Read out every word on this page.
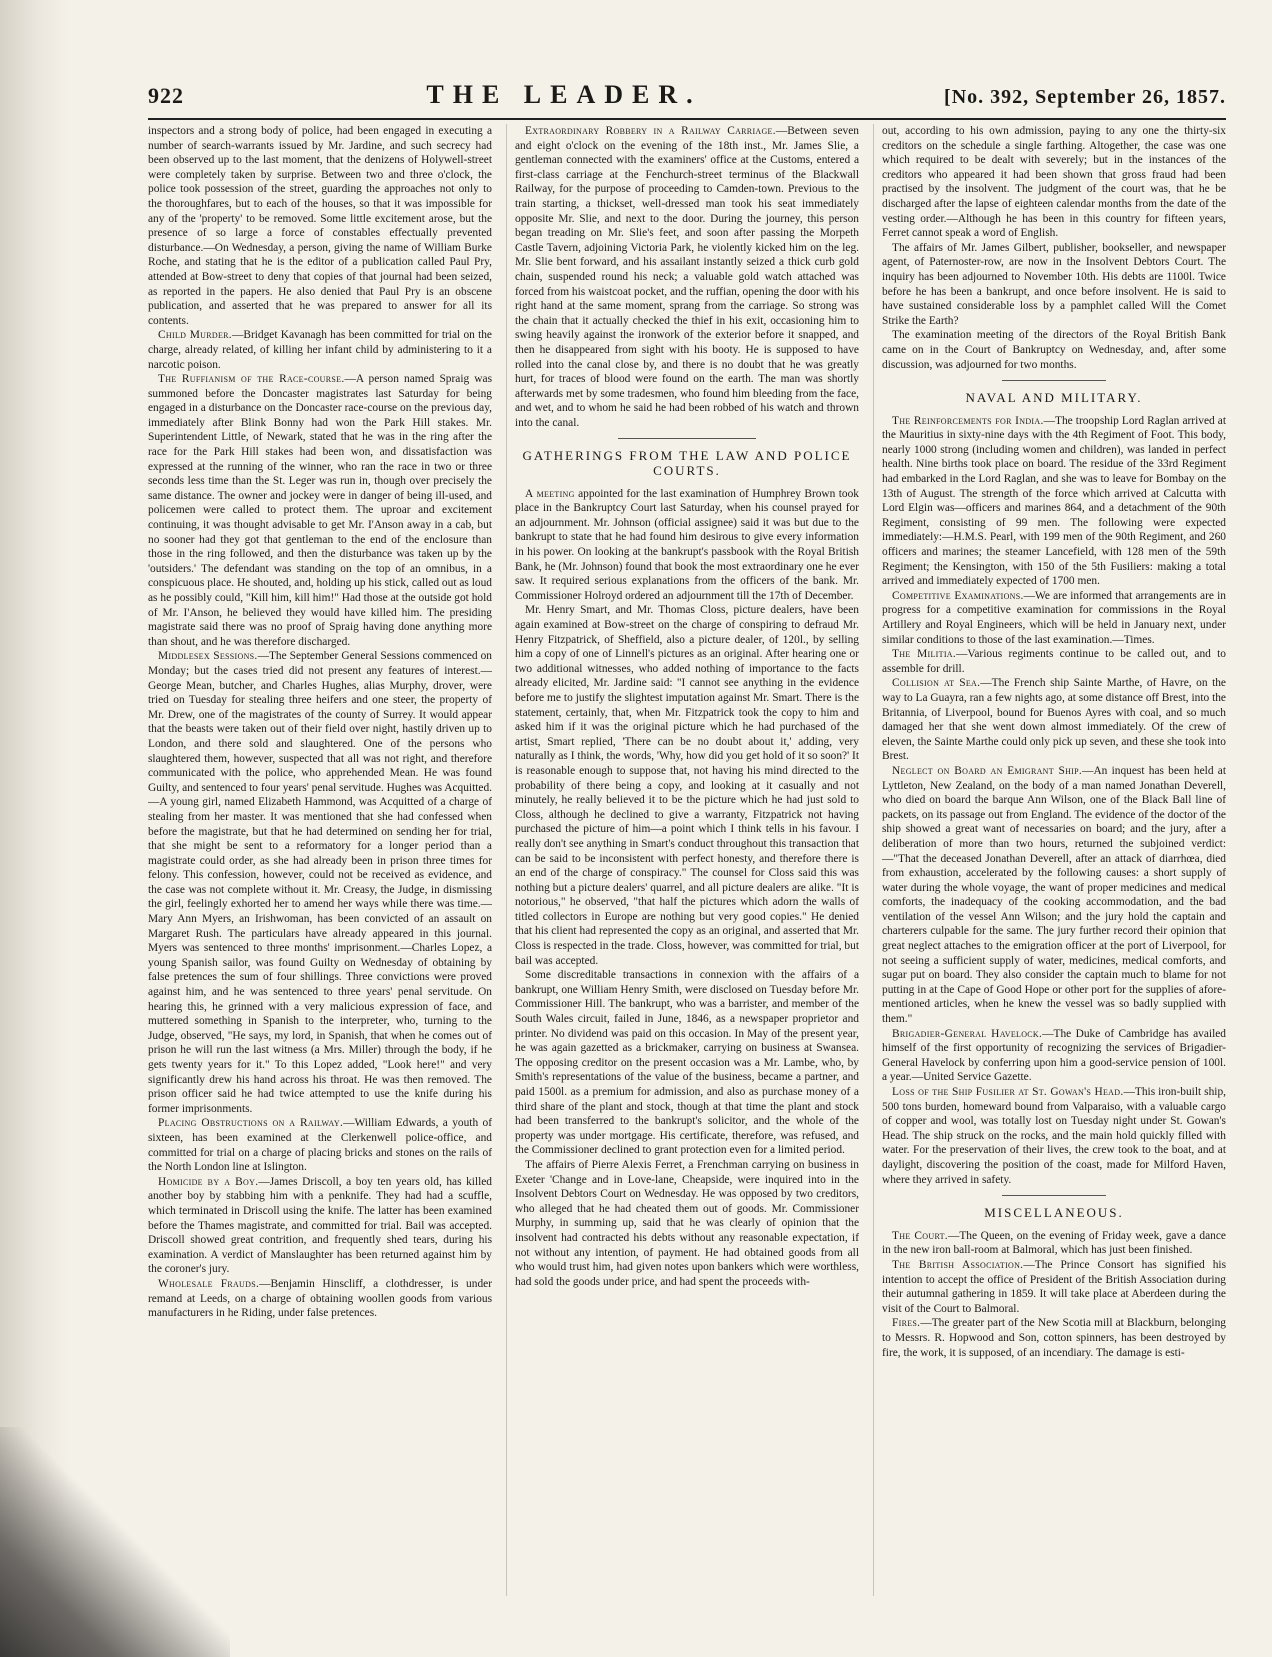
922	THE LEADER.	[No. 392, September 26, 1857.

inspectors and a strong body of police, had been engaged in executing a number of search-warrants issued by Mr. Jardine, and such secrecy had been observed up to the last moment, that the denizens of Holywell-street were completely taken by surprise. Between two and three o'clock, the police took possession of the street, guarding the approaches not only to the thoroughfares, but to each of the houses, so that it was impossible for any of the 'property' to be removed. Some little excitement arose, but the presence of so large a force of constables effectually prevented disturbance.—On Wednesday, a person, giving the name of William Burke Roche, and stating that he is the editor of a publication called Paul Pry, attended at Bow-street to deny that copies of that journal had been seized, as reported in the papers. He also denied that Paul Pry is an obscene publication, and asserted that he was prepared to answer for all its contents.

Child Murder.—Bridget Kavanagh has been committed for trial on the charge, already related, of killing her infant child by administering to it a narcotic poison.

The Ruffianism of the Race-course.—A person named Spraig was summoned before the Doncaster magistrates last Saturday for being engaged in a disturbance on the Doncaster race-course on the previous day, immediately after Blink Bonny had won the Park Hill stakes. Mr. Superintendent Little, of Newark, stated that he was in the ring after the race for the Park Hill stakes had been won, and dissatisfaction was expressed at the running of the winner, who ran the race in two or three seconds less time than the St. Leger was run in, though over precisely the same distance. The owner and jockey were in danger of being ill-used, and policemen were called to protect them. The uproar and excitement continuing, it was thought advisable to get Mr. I'Anson away in a cab, but no sooner had they got that gentleman to the end of the enclosure than those in the ring followed, and then the disturbance was taken up by the 'outsiders.' The defendant was standing on the top of an omnibus, in a conspicuous place. He shouted, and, holding up his stick, called out as loud as he possibly could, "Kill him, kill him!" Had those at the outside got hold of Mr. I'Anson, he believed they would have killed him. The presiding magistrate said there was no proof of Spraig having done anything more than shout, and he was therefore discharged.

Middlesex Sessions.—The September General Sessions commenced on Monday; but the cases tried did not present any features of interest.—George Mean, butcher, and Charles Hughes, alias Murphy, drover, were tried on Tuesday for stealing three heifers and one steer, the property of Mr. Drew, one of the magistrates of the county of Surrey. It would appear that the beasts were taken out of their field over night, hastily driven up to London, and there sold and slaughtered. One of the persons who slaughtered them, however, suspected that all was not right, and therefore communicated with the police, who apprehended Mean. He was found Guilty, and sentenced to four years' penal servitude. Hughes was Acquitted.—A young girl, named Elizabeth Hammond, was Acquitted of a charge of stealing from her master. It was mentioned that she had confessed when before the magistrate, but that he had determined on sending her for trial, that she might be sent to a reformatory for a longer period than a magistrate could order, as she had already been in prison three times for felony. This confession, however, could not be received as evidence, and the case was not complete without it. Mr. Creasy, the Judge, in dismissing the girl, feelingly exhorted her to amend her ways while there was time.—Mary Ann Myers, an Irishwoman, has been convicted of an assault on Margaret Rush. The particulars have already appeared in this journal. Myers was sentenced to three months' imprisonment.—Charles Lopez, a young Spanish sailor, was found Guilty on Wednesday of obtaining by false pretences the sum of four shillings. Three convictions were proved against him, and he was sentenced to three years' penal servitude. On hearing this, he grinned with a very malicious expression of face, and muttered something in Spanish to the interpreter, who, turning to the Judge, observed, "He says, my lord, in Spanish, that when he comes out of prison he will run the last witness (a Mrs. Miller) through the body, if he gets twenty years for it." To this Lopez added, "Look here!" and very significantly drew his hand across his throat. He was then removed. The prison officer said he had twice attempted to use the knife during his former imprisonments.

Placing Obstructions on a Railway.—William Edwards, a youth of sixteen, has been examined at the Clerkenwell police-office, and committed for trial on a charge of placing bricks and stones on the rails of the North London line at Islington.

Homicide by a Boy.—James Driscoll, a boy ten years old, has killed another boy by stabbing him with a penknife. They had had a scuffle, which terminated in Driscoll using the knife. The latter has been examined before the Thames magistrate, and committed for trial. Bail was accepted. Driscoll showed great contrition, and frequently shed tears, during his examination. A verdict of Manslaughter has been returned against him by the coroner's jury.

Wholesale Frauds.—Benjamin Hinscliff, a clothdresser, is under remand at Leeds, on a charge of obtaining woollen goods from various manufacturers in he Riding, under false pretences.

Extraordinary Robbery in a Railway Carriage.—Between seven and eight o'clock on the evening of the 18th inst., Mr. James Slie, a gentleman connected with the examiners' office at the Customs, entered a first-class carriage at the Fenchurch-street terminus of the Blackwall Railway, for the purpose of proceeding to Camden-town. Previous to the train starting, a thickset, well-dressed man took his seat immediately opposite Mr. Slie, and next to the door. During the journey, this person began treading on Mr. Slie's feet, and soon after passing the Morpeth Castle Tavern, adjoining Victoria Park, he violently kicked him on the leg. Mr. Slie bent forward, and his assailant instantly seized a thick curb gold chain, suspended round his neck; a valuable gold watch attached was forced from his waistcoat pocket, and the ruffian, opening the door with his right hand at the same moment, sprang from the carriage. So strong was the chain that it actually checked the thief in his exit, occasioning him to swing heavily against the ironwork of the exterior before it snapped, and then he disappeared from sight with his booty. He is supposed to have rolled into the canal close by, and there is no doubt that he was greatly hurt, for traces of blood were found on the earth. The man was shortly afterwards met by some tradesmen, who found him bleeding from the face, and wet, and to whom he said he had been robbed of his watch and thrown into the canal.

GATHERINGS FROM THE LAW AND POLICE COURTS.

A meeting appointed for the last examination of Humphrey Brown took place in the Bankruptcy Court last Saturday, when his counsel prayed for an adjournment. Mr. Johnson (official assignee) said it was but due to the bankrupt to state that he had found him desirous to give every information in his power. On looking at the bankrupt's passbook with the Royal British Bank, he (Mr. Johnson) found that book the most extraordinary one he ever saw. It required serious explanations from the officers of the bank. Mr. Commissioner Holroyd ordered an adjournment till the 17th of December.

Mr. Henry Smart, and Mr. Thomas Closs, picture dealers, have been again examined at Bow-street on the charge of conspiring to defraud Mr. Henry Fitzpatrick, of Sheffield, also a picture dealer, of 120l., by selling him a copy of one of Linnell's pictures as an original. After hearing one or two additional witnesses, who added nothing of importance to the facts already elicited, Mr. Jardine said: "I cannot see anything in the evidence before me to justify the slightest imputation against Mr. Smart. There is the statement, certainly, that, when Mr. Fitzpatrick took the copy to him and asked him if it was the original picture which he had purchased of the artist, Smart replied, 'There can be no doubt about it,' adding, very naturally as I think, the words, 'Why, how did you get hold of it so soon?' It is reasonable enough to suppose that, not having his mind directed to the probability of there being a copy, and looking at it casually and not minutely, he really believed it to be the picture which he had just sold to Closs, although he declined to give a warranty, Fitzpatrick not having purchased the picture of him—a point which I think tells in his favour. I really don't see anything in Smart's conduct throughout this transaction that can be said to be inconsistent with perfect honesty, and therefore there is an end of the charge of conspiracy." The counsel for Closs said this was nothing but a picture dealers' quarrel, and all picture dealers are alike. "It is notorious," he observed, "that half the pictures which adorn the walls of titled collectors in Europe are nothing but very good copies." He denied that his client had represented the copy as an original, and asserted that Mr. Closs is respected in the trade. Closs, however, was committed for trial, but bail was accepted.

Some discreditable transactions in connexion with the affairs of a bankrupt, one William Henry Smith, were disclosed on Tuesday before Mr. Commissioner Hill. The bankrupt, who was a barrister, and member of the South Wales circuit, failed in June, 1846, as a newspaper proprietor and printer. No dividend was paid on this occasion. In May of the present year, he was again gazetted as a brickmaker, carrying on business at Swansea. The opposing creditor on the present occasion was a Mr. Lambe, who, by Smith's representations of the value of the business, became a partner, and paid 1500l. as a premium for admission, and also as purchase money of a third share of the plant and stock, though at that time the plant and stock had been transferred to the bankrupt's solicitor, and the whole of the property was under mortgage. His certificate, therefore, was refused, and the Commissioner declined to grant protection even for a limited period.

The affairs of Pierre Alexis Ferret, a Frenchman carrying on business in Exeter 'Change and in Love-lane, Cheapside, were inquired into in the Insolvent Debtors Court on Wednesday. He was opposed by two creditors, who alleged that he had cheated them out of goods. Mr. Commissioner Murphy, in summing up, said that he was clearly of opinion that the insolvent had contracted his debts without any reasonable expectation, if not without any intention, of payment. He had obtained goods from all who would trust him, had given notes upon bankers which were worthless, had sold the goods under price, and had spent the proceeds with-

out, according to his own admission, paying to any one the thirty-six creditors on the schedule a single farthing. Altogether, the case was one which required to be dealt with severely; but in the instances of the creditors who appeared it had been shown that gross fraud had been practised by the insolvent. The judgment of the court was, that he be discharged after the lapse of eighteen calendar months from the date of the vesting order.—Although he has been in this country for fifteen years, Ferret cannot speak a word of English.

The affairs of Mr. James Gilbert, publisher, bookseller, and newspaper agent, of Paternoster-row, are now in the Insolvent Debtors Court. The inquiry has been adjourned to November 10th. His debts are 1100l. Twice before he has been a bankrupt, and once before insolvent. He is said to have sustained considerable loss by a pamphlet called Will the Comet Strike the Earth?

The examination meeting of the directors of the Royal British Bank came on in the Court of Bankruptcy on Wednesday, and, after some discussion, was adjourned for two months.

NAVAL AND MILITARY.

The Reinforcements for India.—The troopship Lord Raglan arrived at the Mauritius in sixty-nine days with the 4th Regiment of Foot. This body, nearly 1000 strong (including women and children), was landed in perfect health. Nine births took place on board. The residue of the 33rd Regiment had embarked in the Lord Raglan, and she was to leave for Bombay on the 13th of August. The strength of the force which arrived at Calcutta with Lord Elgin was—officers and marines 864, and a detachment of the 90th Regiment, consisting of 99 men. The following were expected immediately:—H.M.S. Pearl, with 199 men of the 90th Regiment, and 260 officers and marines; the steamer Lancefield, with 128 men of the 59th Regiment; the Kensington, with 150 of the 5th Fusiliers: making a total arrived and immediately expected of 1700 men.

Competitive Examinations.—We are informed that arrangements are in progress for a competitive examination for commissions in the Royal Artillery and Royal Engineers, which will be held in January next, under similar conditions to those of the last examination.—Times.

The Militia.—Various regiments continue to be called out, and to assemble for drill.

Collision at Sea.—The French ship Sainte Marthe, of Havre, on the way to La Guayra, ran a few nights ago, at some distance off Brest, into the Britannia, of Liverpool, bound for Buenos Ayres with coal, and so much damaged her that she went down almost immediately. Of the crew of eleven, the Sainte Marthe could only pick up seven, and these she took into Brest.

Neglect on Board an Emigrant Ship.—An inquest has been held at Lyttleton, New Zealand, on the body of a man named Jonathan Deverell, who died on board the barque Ann Wilson, one of the Black Ball line of packets, on its passage out from England. The evidence of the doctor of the ship showed a great want of necessaries on board; and the jury, after a deliberation of more than two hours, returned the subjoined verdict:—"That the deceased Jonathan Deverell, after an attack of diarrhœa, died from exhaustion, accelerated by the following causes: a short supply of water during the whole voyage, the want of proper medicines and medical comforts, the inadequacy of the cooking accommodation, and the bad ventilation of the vessel Ann Wilson; and the jury hold the captain and charterers culpable for the same. The jury further record their opinion that great neglect attaches to the emigration officer at the port of Liverpool, for not seeing a sufficient supply of water, medicines, medical comforts, and sugar put on board. They also consider the captain much to blame for not putting in at the Cape of Good Hope or other port for the supplies of afore-mentioned articles, when he knew the vessel was so badly supplied with them."

Brigadier-General Havelock.—The Duke of Cambridge has availed himself of the first opportunity of recognizing the services of Brigadier-General Havelock by conferring upon him a good-service pension of 100l. a year.—United Service Gazette.

Loss of the Ship Fusilier at St. Gowan's Head.—This iron-built ship, 500 tons burden, homeward bound from Valparaiso, with a valuable cargo of copper and wool, was totally lost on Tuesday night under St. Gowan's Head. The ship struck on the rocks, and the main hold quickly filled with water. For the preservation of their lives, the crew took to the boat, and at daylight, discovering the position of the coast, made for Milford Haven, where they arrived in safety.

MISCELLANEOUS.

The Court.—The Queen, on the evening of Friday week, gave a dance in the new iron ball-room at Balmoral, which has just been finished.

The British Association.—The Prince Consort has signified his intention to accept the office of President of the British Association during their autumnal gathering in 1859. It will take place at Aberdeen during the visit of the Court to Balmoral.

Fires.—The greater part of the New Scotia mill at Blackburn, belonging to Messrs. R. Hopwood and Son, cotton spinners, has been destroyed by fire, the work, it is supposed, of an incendiary. The damage is esti-
